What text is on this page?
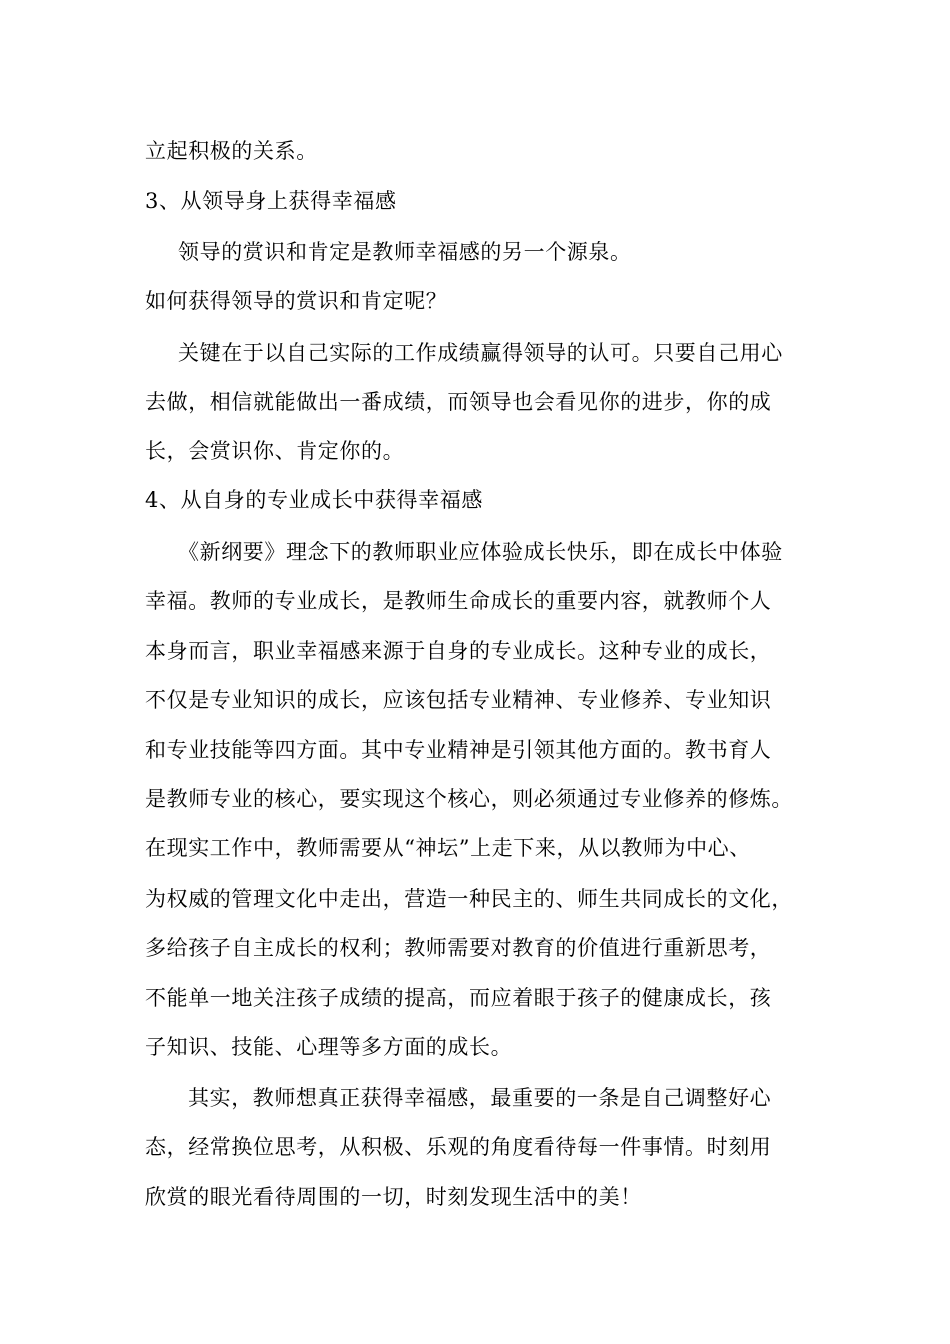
立起积极的关系。
3、从领导身上获得幸福感
领导的赏识和肯定是教师幸福感的另一个源泉。
如何获得领导的赏识和肯定呢？
关键在于以自己实际的工作成绩赢得领导的认可。只要自己用心
去做，相信就能做出一番成绩，而领导也会看见你的进步，你的成
长，会赏识你、肯定你的。
4、从自身的专业成长中获得幸福感
《新纲要》理念下的教师职业应体验成长快乐，即在成长中体验
幸福。教师的专业成长，是教师生命成长的重要内容，就教师个人
本身而言，职业幸福感来源于自身的专业成长。这种专业的成长，
不仅是专业知识的成长，应该包括专业精神、专业修养、专业知识
和专业技能等四方面。其中专业精神是引领其他方面的。教书育人
是教师专业的核心，要实现这个核心，则必须通过专业修养的修炼。
在现实工作中，教师需要从“神坛”上走下来，从以教师为中心、
为权威的管理文化中走出，营造一种民主的、师生共同成长的文化，
多给孩子自主成长的权利；教师需要对教育的价值进行重新思考，
不能单一地关注孩子成绩的提高，而应着眼于孩子的健康成长，孩
子知识、技能、心理等多方面的成长。
其实，教师想真正获得幸福感，最重要的一条是自己调整好心
态，经常换位思考，从积极、乐观的角度看待每一件事情。时刻用
欣赏的眼光看待周围的一切，时刻发现生活中的美！
